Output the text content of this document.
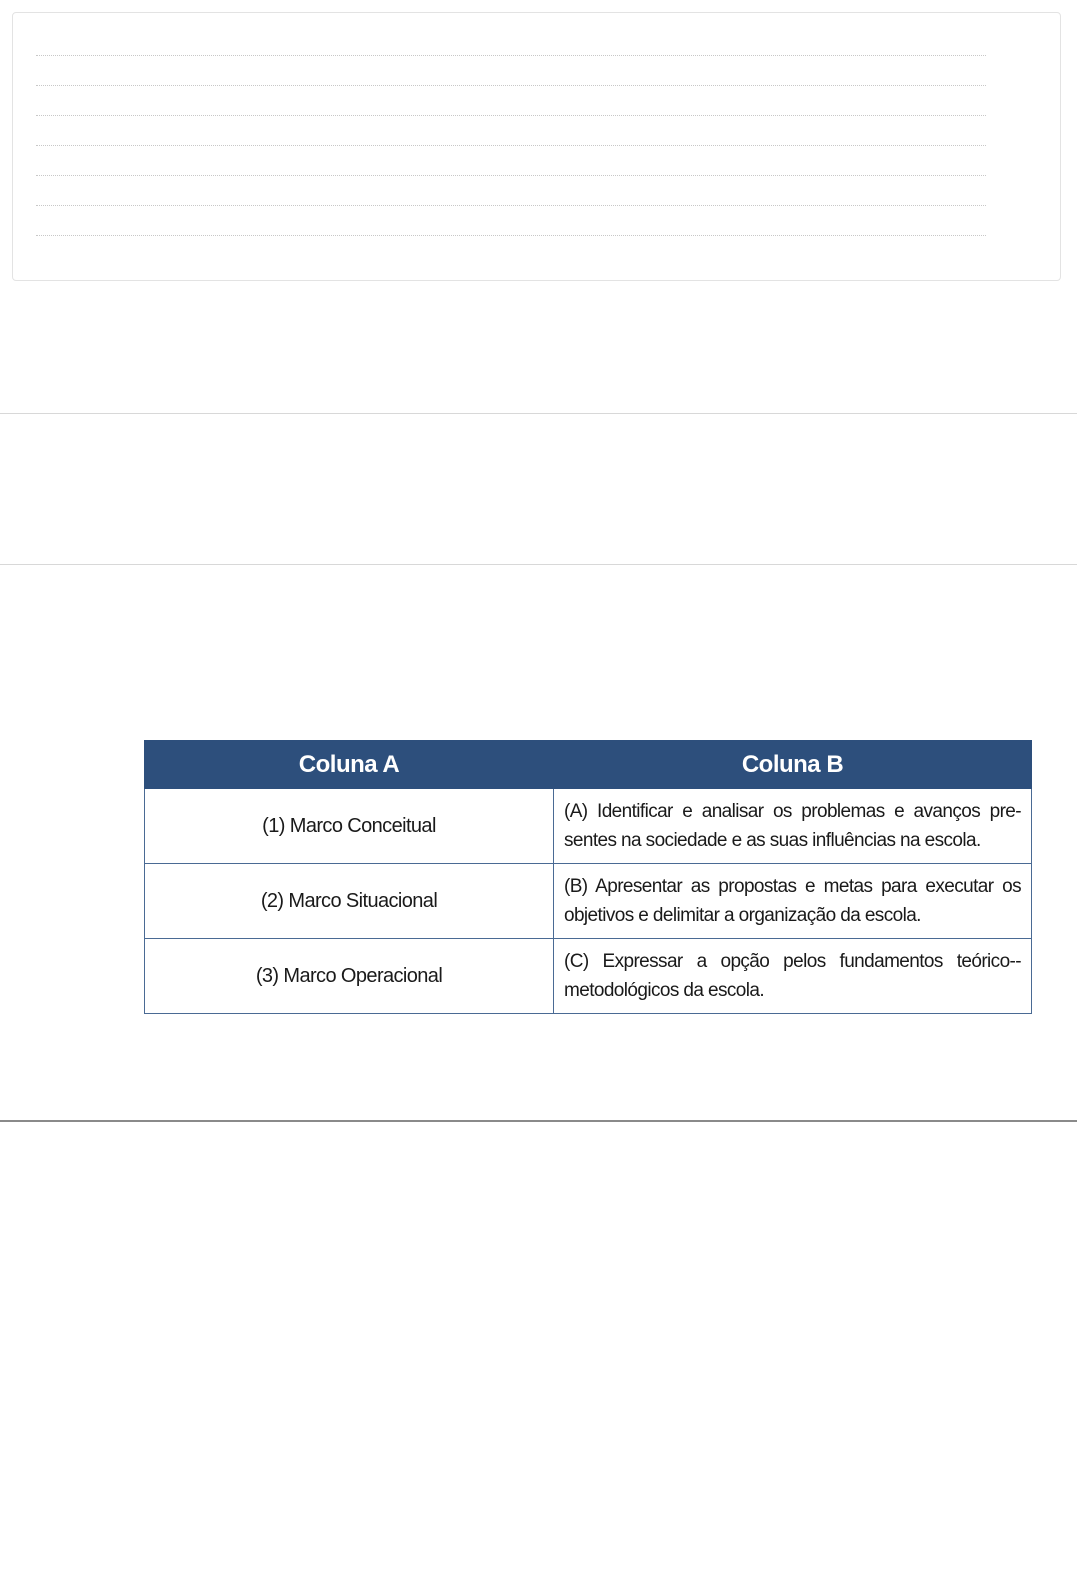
Coluna A	Coluna B
(1) Marco Conceitual	(A) Identificar e analisar os problemas e avanços pre-sentes na sociedade e as suas influências na escola.
(2) Marco Situacional	(B) Apresentar as propostas e metas para executar os objetivos e delimitar a organização da escola.
(3) Marco Operacional	(C) Expressar a opção pelos fundamentos teórico--metodológicos da escola.
